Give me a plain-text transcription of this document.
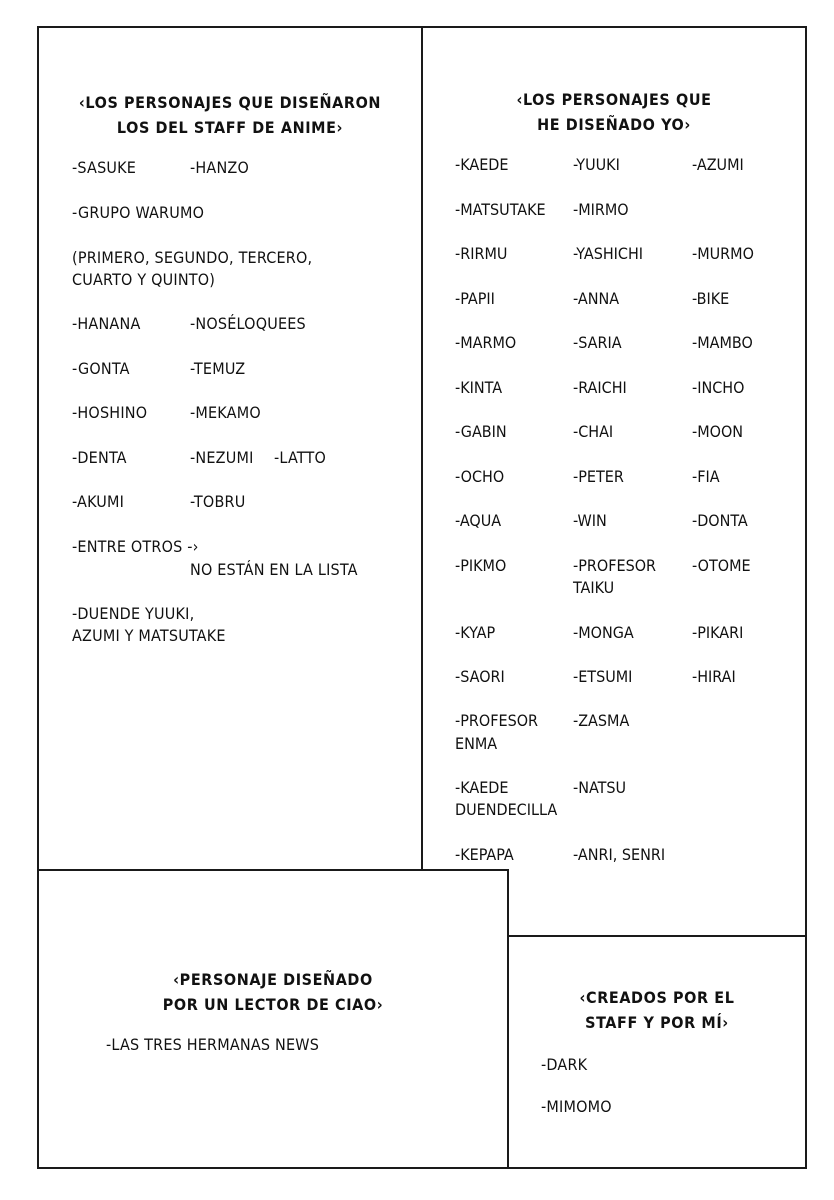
‹LOS PERSONAJES QUE DISEÑARON
LOS DEL STAFF DE ANIME›
-SASUKE	-HANZO
-GRUPO WARUMO
(PRIMERO, SEGUNDO, TERCERO,
CUARTO Y QUINTO)
-HANANA	-NOSÉLOQUEES
-GONTA	-TEMUZ
-HOSHINO	-MEKAMO
-DENTA	-NEZUMI -LATTO
-AKUMI	-TOBRU
-ENTRE OTROS -›
NO ESTÁN EN LA LISTA
-DUENDE YUUKI,
AZUMI Y MATSUTAKE
‹LOS PERSONAJES QUE
HE DISEÑADO YO›
-KAEDE	-YUUKI	-AZUMI
-MATSUTAKE -MIRMO
-RIRMU	-YASHICHI	-MURMO
-PAPII	-ANNA	-BIKE
-MARMO	-SARIA	-MAMBO
-KINTA	-RAICHI	-INCHO
-GABIN	-CHAI	-MOON
-OCHO	-PETER	-FIA
-AQUA	-WIN	-DONTA
-PIKMO	-PROFESOR -OTOME
TAIKU
-KYAP	-MONGA	-PIKARI
-SAORI	-ETSUMI	-HIRAI
-PROFESOR -ZASMA
ENMA
-KAEDE	-NATSU
DUENDECILLA
-KEPAPA	-ANRI, SENRI
‹PERSONAJE DISEÑADO
POR UN LECTOR DE CIAO›
-LAS TRES HERMANAS NEWS
‹CREADOS POR EL
STAFF Y POR MÍ›
-DARK
-MIMOMO
